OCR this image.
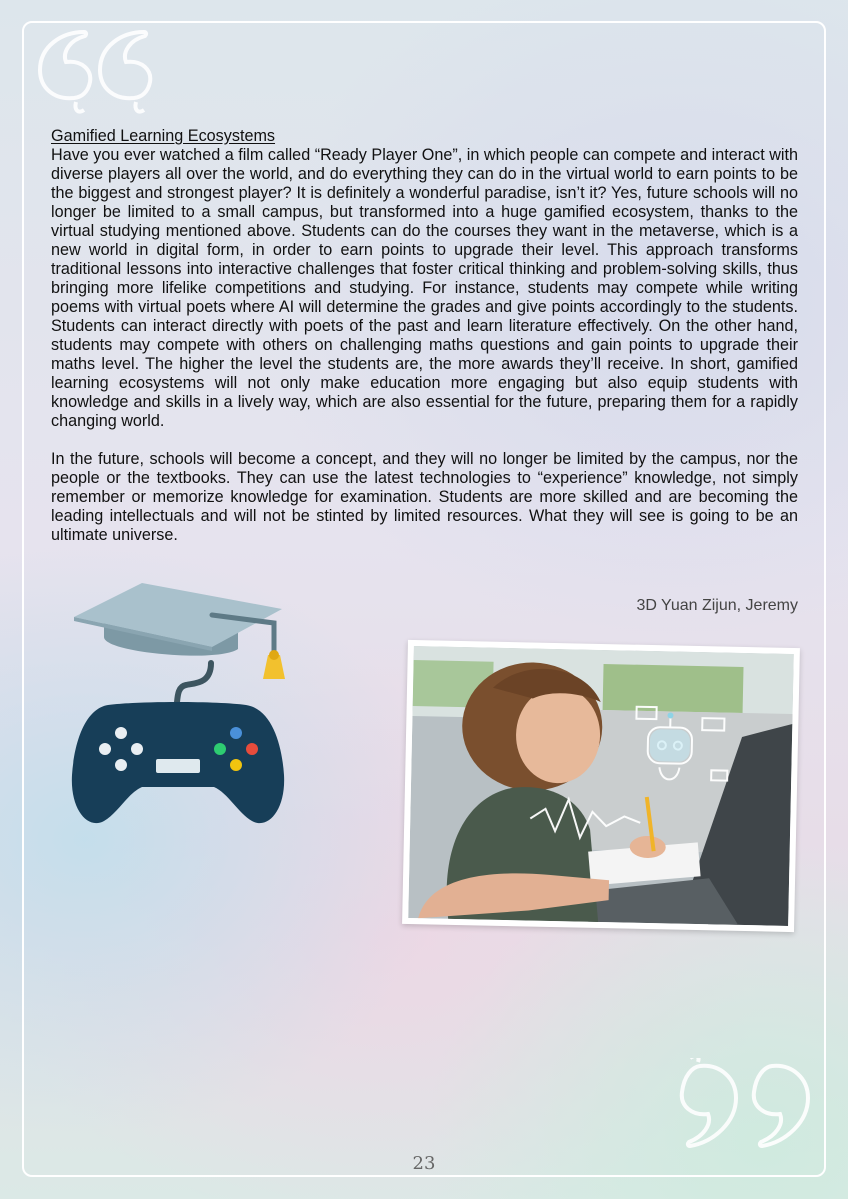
Gamified Learning Ecosystems

Have you ever watched a film called “Ready Player One”, in which people can compete and interact with diverse players all over the world, and do everything they can do in the virtual world to earn points to be the biggest and strongest player? It is definitely a wonderful paradise, isn’t it? Yes, future schools will no longer be limited to a small campus, but transformed into a huge gamified ecosystem, thanks to the virtual studying mentioned above. Students can do the courses they want in the metaverse, which is a new world in digital form, in order to earn points to upgrade their level. This approach transforms traditional lessons into interactive challenges that foster critical thinking and problem-solving skills, thus bringing more lifelike competitions and studying. For instance, students may compete while writing poems with virtual poets where AI will determine the grades and give points accordingly to the students. Students can interact directly with poets of the past and learn literature effectively. On the other hand, students may compete with others on challenging maths questions and gain points to upgrade their maths level. The higher the level the students are, the more awards they’ll receive. In short, gamified learning ecosystems will not only make education more engaging but also equip students with knowledge and skills in a lively way, which are also essential for the future, preparing them for a rapidly changing world.

In the future, schools will become a concept, and they will no longer be limited by the campus, nor the people or the textbooks. They can use the latest technologies to “experience” knowledge, not simply remember or memorize knowledge for examination. Students are more skilled and are becoming the leading intellectuals and will not be stinted by limited resources. What they will see is going to be an ultimate universe.

3D Yuan Zijun, Jeremy
23
